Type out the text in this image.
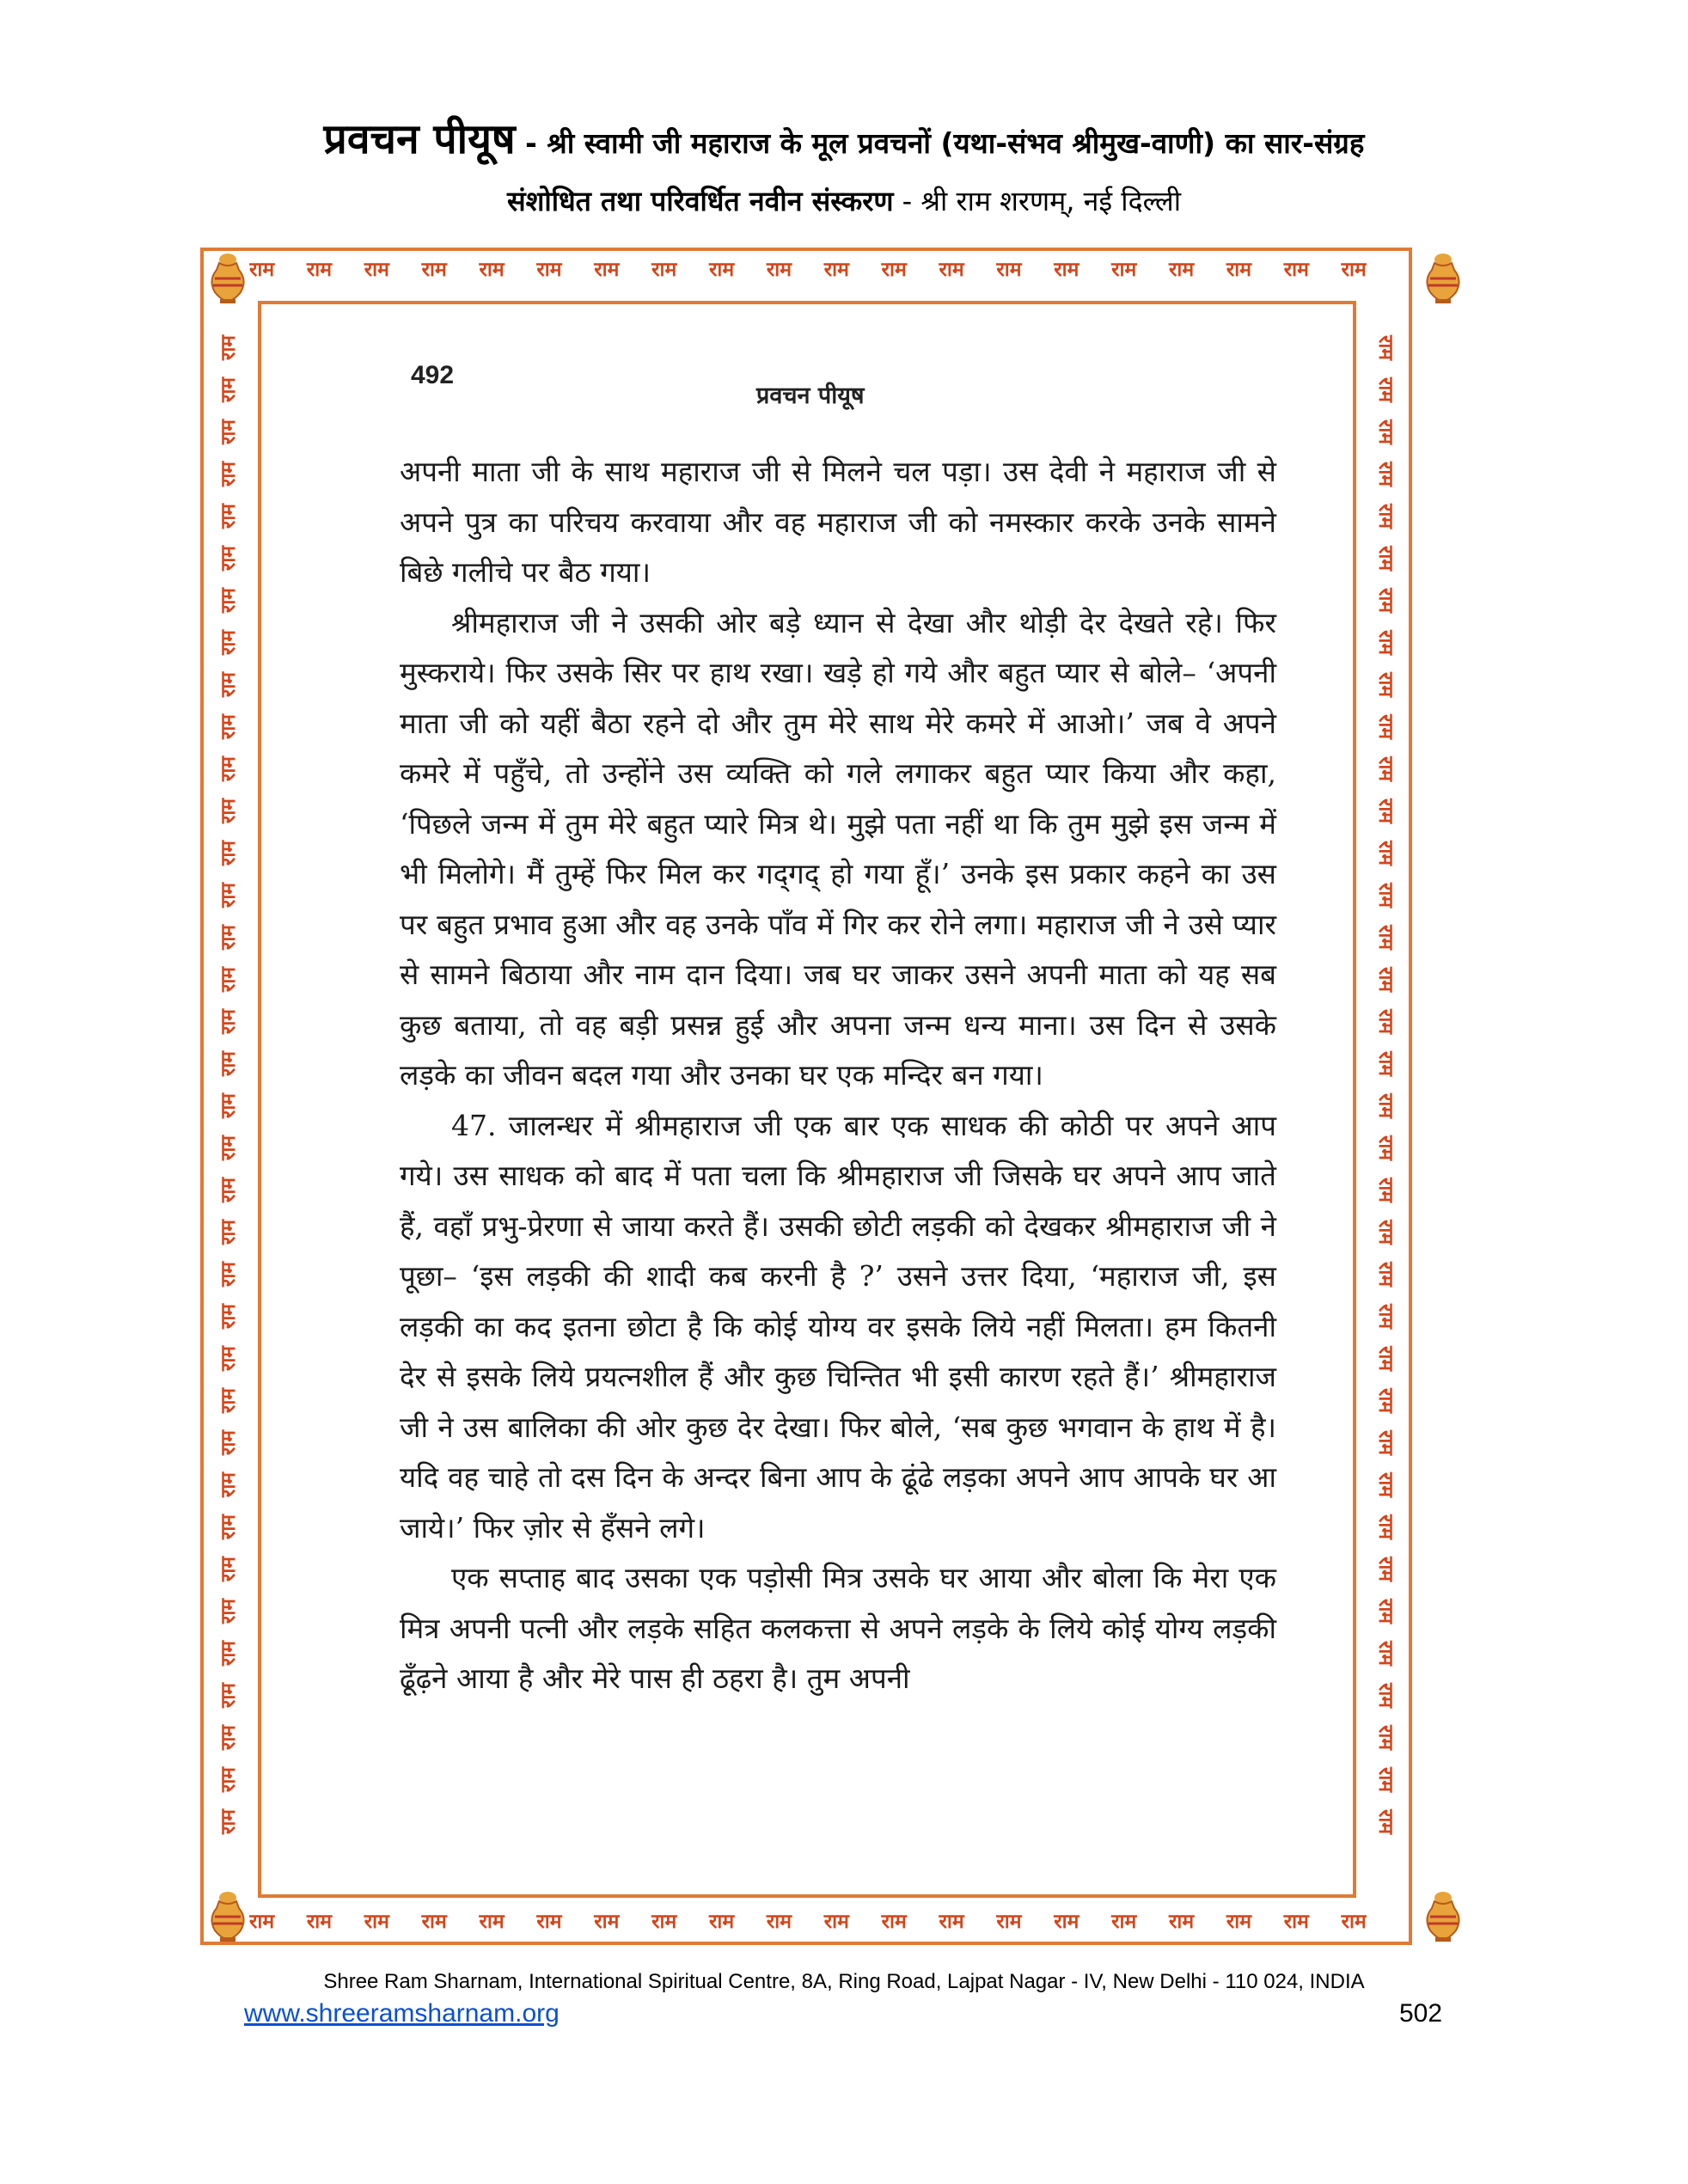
प्रवचन पीयूष - श्री स्वामी जी महाराज के मूल प्रवचनों (यथा-संभव श्रीमुख-वाणी) का सार-संग्रह
संशोधित तथा परिवर्धित नवीन संस्करण - श्री राम शरणम्, नई दिल्ली
राम राम राम राम राम राम राम राम राम राम राम राम राम राम राम राम राम राम राम राम
राम राम राम राम राम राम राम राम राम राम राम राम राम राम राम राम राम राम राम राम
राम
राम
राम
राम
राम
राम
राम
राम
राम
राम
राम
राम
राम
राम
राम
राम
राम
राम
राम
राम
राम
राम
राम
राम
राम
राम
राम
राम
राम
राम
राम
राम
राम
राम
राम
राम
राम
राम
राम
राम
राम
राम
राम
राम
राम
राम
राम
राम
राम
राम
राम
राम
राम
राम
राम
राम
राम
राम
राम
राम
राम
राम
राम
राम
राम
राम
राम
राम
राम
राम
राम
राम
492
प्रवचन पीयूष

अपनी माता जी के साथ महाराज जी से मिलने चल पड़ा। उस देवी ने महाराज जी से अपने पुत्र का परिचय करवाया और वह महाराज जी को नमस्कार करके उनके सामने बिछे गलीचे पर बैठ गया।

श्रीमहाराज जी ने उसकी ओर बड़े ध्यान से देखा और थोड़ी देर देखते रहे। फिर मुस्कराये। फिर उसके सिर पर हाथ रखा। खड़े हो गये और बहुत प्यार से बोले– ‘अपनी माता जी को यहीं बैठा रहने दो और तुम मेरे साथ मेरे कमरे में आओ।’ जब वे अपने कमरे में पहुँचे, तो उन्होंने उस व्यक्ति को गले लगाकर बहुत प्यार किया और कहा, ‘पिछले जन्म में तुम मेरे बहुत प्यारे मित्र थे। मुझे पता नहीं था कि तुम मुझे इस जन्म में भी मिलोगे। मैं तुम्हें फिर मिल कर गद्‌गद् हो गया हूँ।’ उनके इस प्रकार कहने का उस पर बहुत प्रभाव हुआ और वह उनके पाँव में गिर कर रोने लगा। महाराज जी ने उसे प्यार से सामने बिठाया और नाम दान दिया। जब घर जाकर उसने अपनी माता को यह सब कुछ बताया, तो वह बड़ी प्रसन्न हुई और अपना जन्म धन्य माना। उस दिन से उसके लड़के का जीवन बदल गया और उनका घर एक मन्दिर बन गया।

47. जालन्धर में श्रीमहाराज जी एक बार एक साधक की कोठी पर अपने आप गये। उस साधक को बाद में पता चला कि श्रीमहाराज जी जिसके घर अपने आप जाते हैं, वहाँ प्रभु-प्रेरणा से जाया करते हैं। उसकी छोटी लड़की को देखकर श्रीमहाराज जी ने पूछा– ‘इस लड़की की शादी कब करनी है ?’ उसने उत्तर दिया, ‘महाराज जी, इस लड़की का कद इतना छोटा है कि कोई योग्य वर इसके लिये नहीं मिलता। हम कितनी देर से इसके लिये प्रयत्नशील हैं और कुछ चिन्तित भी इसी कारण रहते हैं।’ श्रीमहाराज जी ने उस बालिका की ओर कुछ देर देखा। फिर बोले, ‘सब कुछ भगवान के हाथ में है। यदि वह चाहे तो दस दिन के अन्दर बिना आप के ढूंढे लड़का अपने आप आपके घर आ जाये।’ फिर ज़ोर से हँसने लगे।

एक सप्ताह बाद उसका एक पड़ोसी मित्र उसके घर आया और बोला कि मेरा एक मित्र अपनी पत्नी और लड़के सहित कलकत्ता से अपने लड़के के लिये कोई योग्य लड़की ढूँढ़ने आया है और मेरे पास ही ठहरा है। तुम अपनी

Shree Ram Sharnam, International Spiritual Centre, 8A, Ring Road, Lajpat Nagar - IV, New Delhi - 110 024, INDIA
www.shreeramsharnam.org	502
